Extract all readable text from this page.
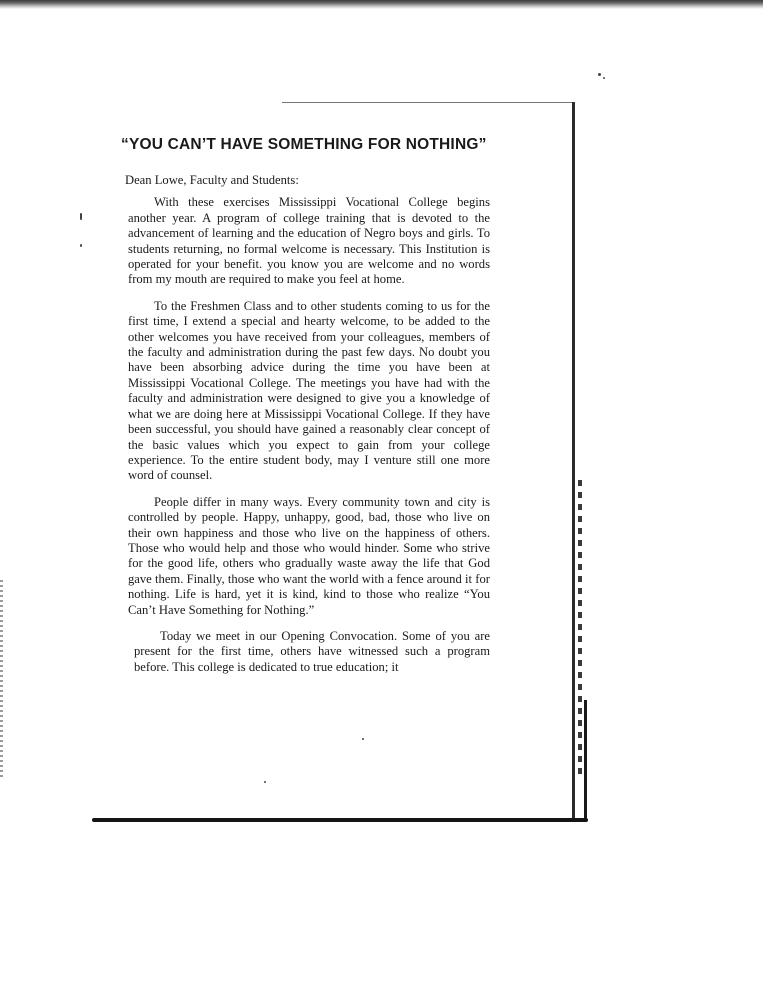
“YOU CAN’T HAVE SOMETHING FOR NOTHING”

Dean Lowe, Faculty and Students:

With these exercises Mississippi Vocational College begins another year. A program of college training that is devoted to the advancement of learning and the education of Negro boys and girls. To students returning, no formal welcome is necessary. This Institution is operated for your benefit. you know you are welcome and no words from my mouth are required to make you feel at home.

To the Freshmen Class and to other students coming to us for the first time, I extend a special and hearty welcome, to be added to the other welcomes you have received from your colleagues, members of the faculty and administration during the past few days. No doubt you have been absorbing advice during the time you have been at Mississippi Vocational College. The meetings you have had with the faculty and administration were designed to give you a knowledge of what we are doing here at Mississippi Vocational College. If they have been successful, you should have gained a reasonably clear concept of the basic values which you expect to gain from your college experience. To the entire student body, may I venture still one more word of counsel.

People differ in many ways. Every community town and city is controlled by people. Happy, unhappy, good, bad, those who live on their own happiness and those who live on the happiness of others. Those who would help and those who would hinder. Some who strive for the good life, others who gradually waste away the life that God gave them. Finally, those who want the world with a fence around it for nothing. Life is hard, yet it is kind, kind to those who realize “You Can’t Have Something for Nothing.”

Today we meet in our Opening Convocation. Some of you are present for the first time, others have witnessed such a program before. This college is dedicated to true education; it
